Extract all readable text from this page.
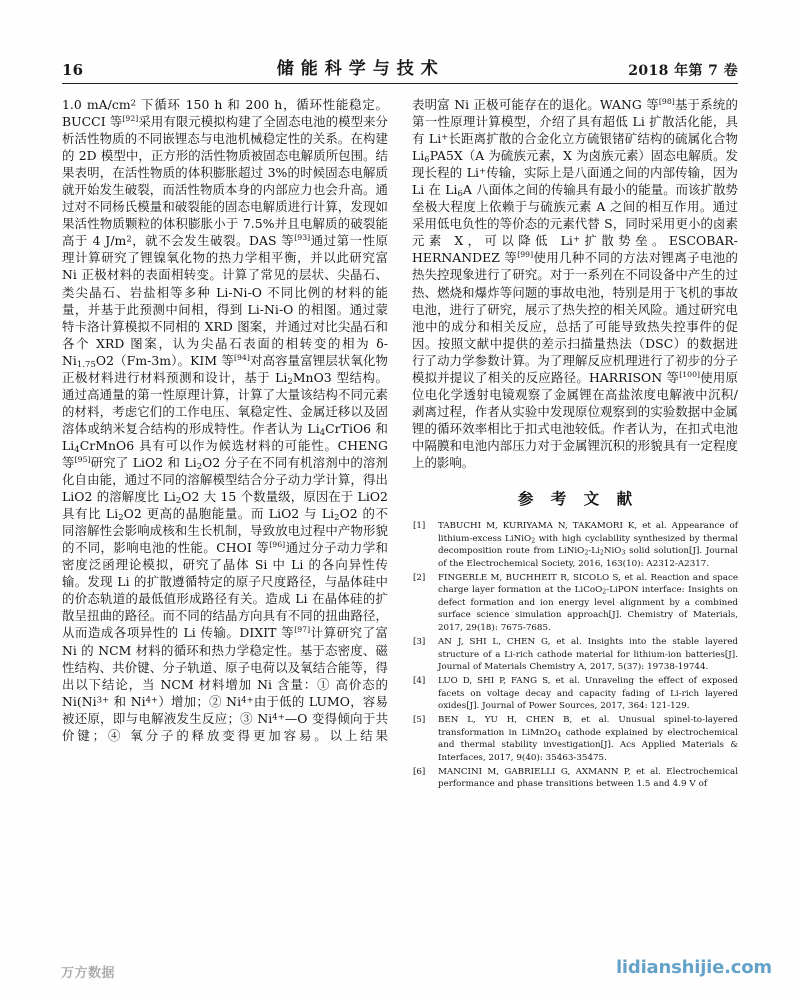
16	储能科学与技术	2018 年第 7 卷

1.0 $mA/cm^2$ 下循环 150 h 和 200 h，循环性能稳定。BUCCI 等[92]采用有限元模拟构建了全固态电池的模型来分析活性物质的不同嵌锂态与电池机械稳定性的关系。在构建的 2D 模型中，正方形的活性物质被固态电解质所包围。结果表明，在活性物质的体积膨胀超过 3%的时候固态电解质就开始发生破裂，而活性物质本身的内部应力也会升高。通过对不同杨氏模量和破裂能的固态电解质进行计算，发现如果活性物质颗粒的体积膨胀小于 7.5%并且电解质的破裂能高于 4 $J/m^2$，就不会发生破裂。DAS 等[93]通过第一性原理计算研究了锂镍氧化物的热力学相平衡，并以此研究富 Ni 正极材料的表面相转变。计算了常见的层状、尖晶石、类尖晶石、岩盐相等多种 Li-Ni-O 不同比例的材料的能量，并基于此预测中间相，得到 Li-Ni-O 的相图。通过蒙特卡洛计算模拟不同相的 XRD 图案，并通过对比尖晶石和各个 XRD 图案，认为尖晶石表面的相转变的相为 $\delta-Ni_{1.75}O2(Fm-3m)$。KIM 等[94]对高容量富锂层状氧化物正极材料进行材料预测和设计，基于 $Li_2MnO3$ 型结构。通过高通量的第一性原理计算，计算了大量该结构不同元素的材料，考虑它们的工作电压、氧稳定性、金属迁移以及固溶体或纳米复合结构的形成特性。作者认为 $Li_4CrTiO6$ 和 $Li_4CrMnO6$ 具有可以作为候选材料的可能性。CHENG 等[95]研究了 LiO2 和 $Li_2O2$ 分子在不同有机溶剂中的溶剂化自由能，通过不同的溶解模型结合分子动力学计算，得出 LiO2 的溶解度比 $Li_2O2$ 大 15 个数量级，原因在于 LiO2 具有比 $Li_2O2$ 更高的晶胞能量。而 LiO2 与 $Li_2O2$ 的不同溶解性会影响成核和生长机制，导致放电过程中产物形貌的不同，影响电池的性能。CHOI 等[96]通过分子动力学和密度泛函理论模拟，研究了晶体 Si 中 Li 的各向异性传输。发现 Li 的扩散遵循特定的原子尺度路径，与晶体硅中的价态轨道的最低值形成路径有关。造成 Li 在晶体硅的扩散呈扭曲的路径。而不同的结晶方向具有不同的扭曲路径，从而造成各项异性的 Li 传输。DIXIT 等[97]计算研究了富 Ni 的 NCM 材料的循环和热力学稳定性。基于态密度、磁性结构、共价键、分子轨道、原子电荷以及氧结合能等，得出以下结论，当 NCM 材料增加 Ni 含量：① 高价态的 $Ni(Ni^{3+}$ 和 $Ni^{4+}$）增加；② $Ni^{4+}$由于低的 LUMO，容易被还原，即与电解液发生反应；③ $Ni^{4+}—O$ 变得倾向于共价键；④ 氧分子的释放变得更加容易。以上结果

表明富 Ni 正极可能存在的退化。WANG 等[98]基于系统的第一性原理计算模型，介绍了具有超低 Li 扩散活化能，具有 Li+长距离扩散的合金化立方硫银锗矿结构的硫属化合物 $Li_6PA5X(A$ 为硫族元素，X 为卤族元素）固态电解质。发现长程的 Li+传输，实际上是八面通之间的内部传输，因为 Li 在 $Li_6A$ 八面体之间的传输具有最小的能量。而该扩散势垒极大程度上依赖于与硫族元素 A 之间的相互作用。通过采用低电负性的等价态的元素代替 S，同时采用更小的卤素元素 X，可以降低 Li+扩散势垒。ESCOBAR-HERNANDEZ 等[99]使用几种不同的方法对锂离子电池的热失控现象进行了研究。对于一系列在不同设备中产生的过热、燃烧和爆炸等问题的事故电池，特别是用于飞机的事故电池，进行了研究，展示了热失控的相关风险。通过研究电池中的成分和相关反应，总括了可能导致热失控事件的促因。按照文献中提供的差示扫描量热法（DSC）的数据进行了动力学参数计算。为了理解反应机理进行了初步的分子模拟并提议了相关的反应路径。HARRISON 等[100]使用原位电化学透射电镜观察了金属锂在高盐浓度电解液中沉积/剥离过程，作者从实验中发现原位观察到的实验数据中金属锂的循环效率相比于扣式电池较低。作者认为，在扣式电池中隔膜和电池内部压力对于金属锂沉积的形貌具有一定程度上的影响。

参 考 文 献
[1]	TABUCHI M, KURIYAMA N, TAKAMORI K, et al. Appearance of lithium-excess LiNiO$_2$ with high cyclability synthesized by thermal decomposition route from $LiNiO_2-Li_2NiO_3$ solid solution[J]. Journal of the Electrochemical Society, 2016, 163(10): A2312-A2317.
[2]	FINGERLE M, BUCHHEIT R, SICOLO S, et al. Reaction and space charge layer formation at the LiCoO$_2$-LiPON interface: Insights on defect formation and ion energy level alignment by a combined surface science simulation approach[J]. Chemistry of Materials, 2017, 29(18): 7675-7685.
[3]	AN J, SHI L, CHEN G, et al. Insights into the stable layered structure of a Li-rich cathode material for lithium-ion batteries[J]. Journal of Materials Chemistry A, 2017, 5(37): 19738-19744.
[4]	LUO D, SHI P, FANG S, et al. Unraveling the effect of exposed facets on voltage decay and capacity fading of Li-rich layered oxides[J]. Journal of Power Sources, 2017, 364: 121-129.
[5]	BEN L, YU H, CHEN B, et al. Unusual spinel-to-layered transformation in $LiMn2O_4$ cathode explained by electrochemical and thermal stability investigation[J]. Acs Applied Materials & Interfaces, 2017, 9(40): 35463-35475.
[6]	MANCINI M, GABRIELLI G, AXMANN P, et al. Electrochemical performance and phase transitions between 1.5 and 4.9 V of
万方数据	lidianshijie.com
